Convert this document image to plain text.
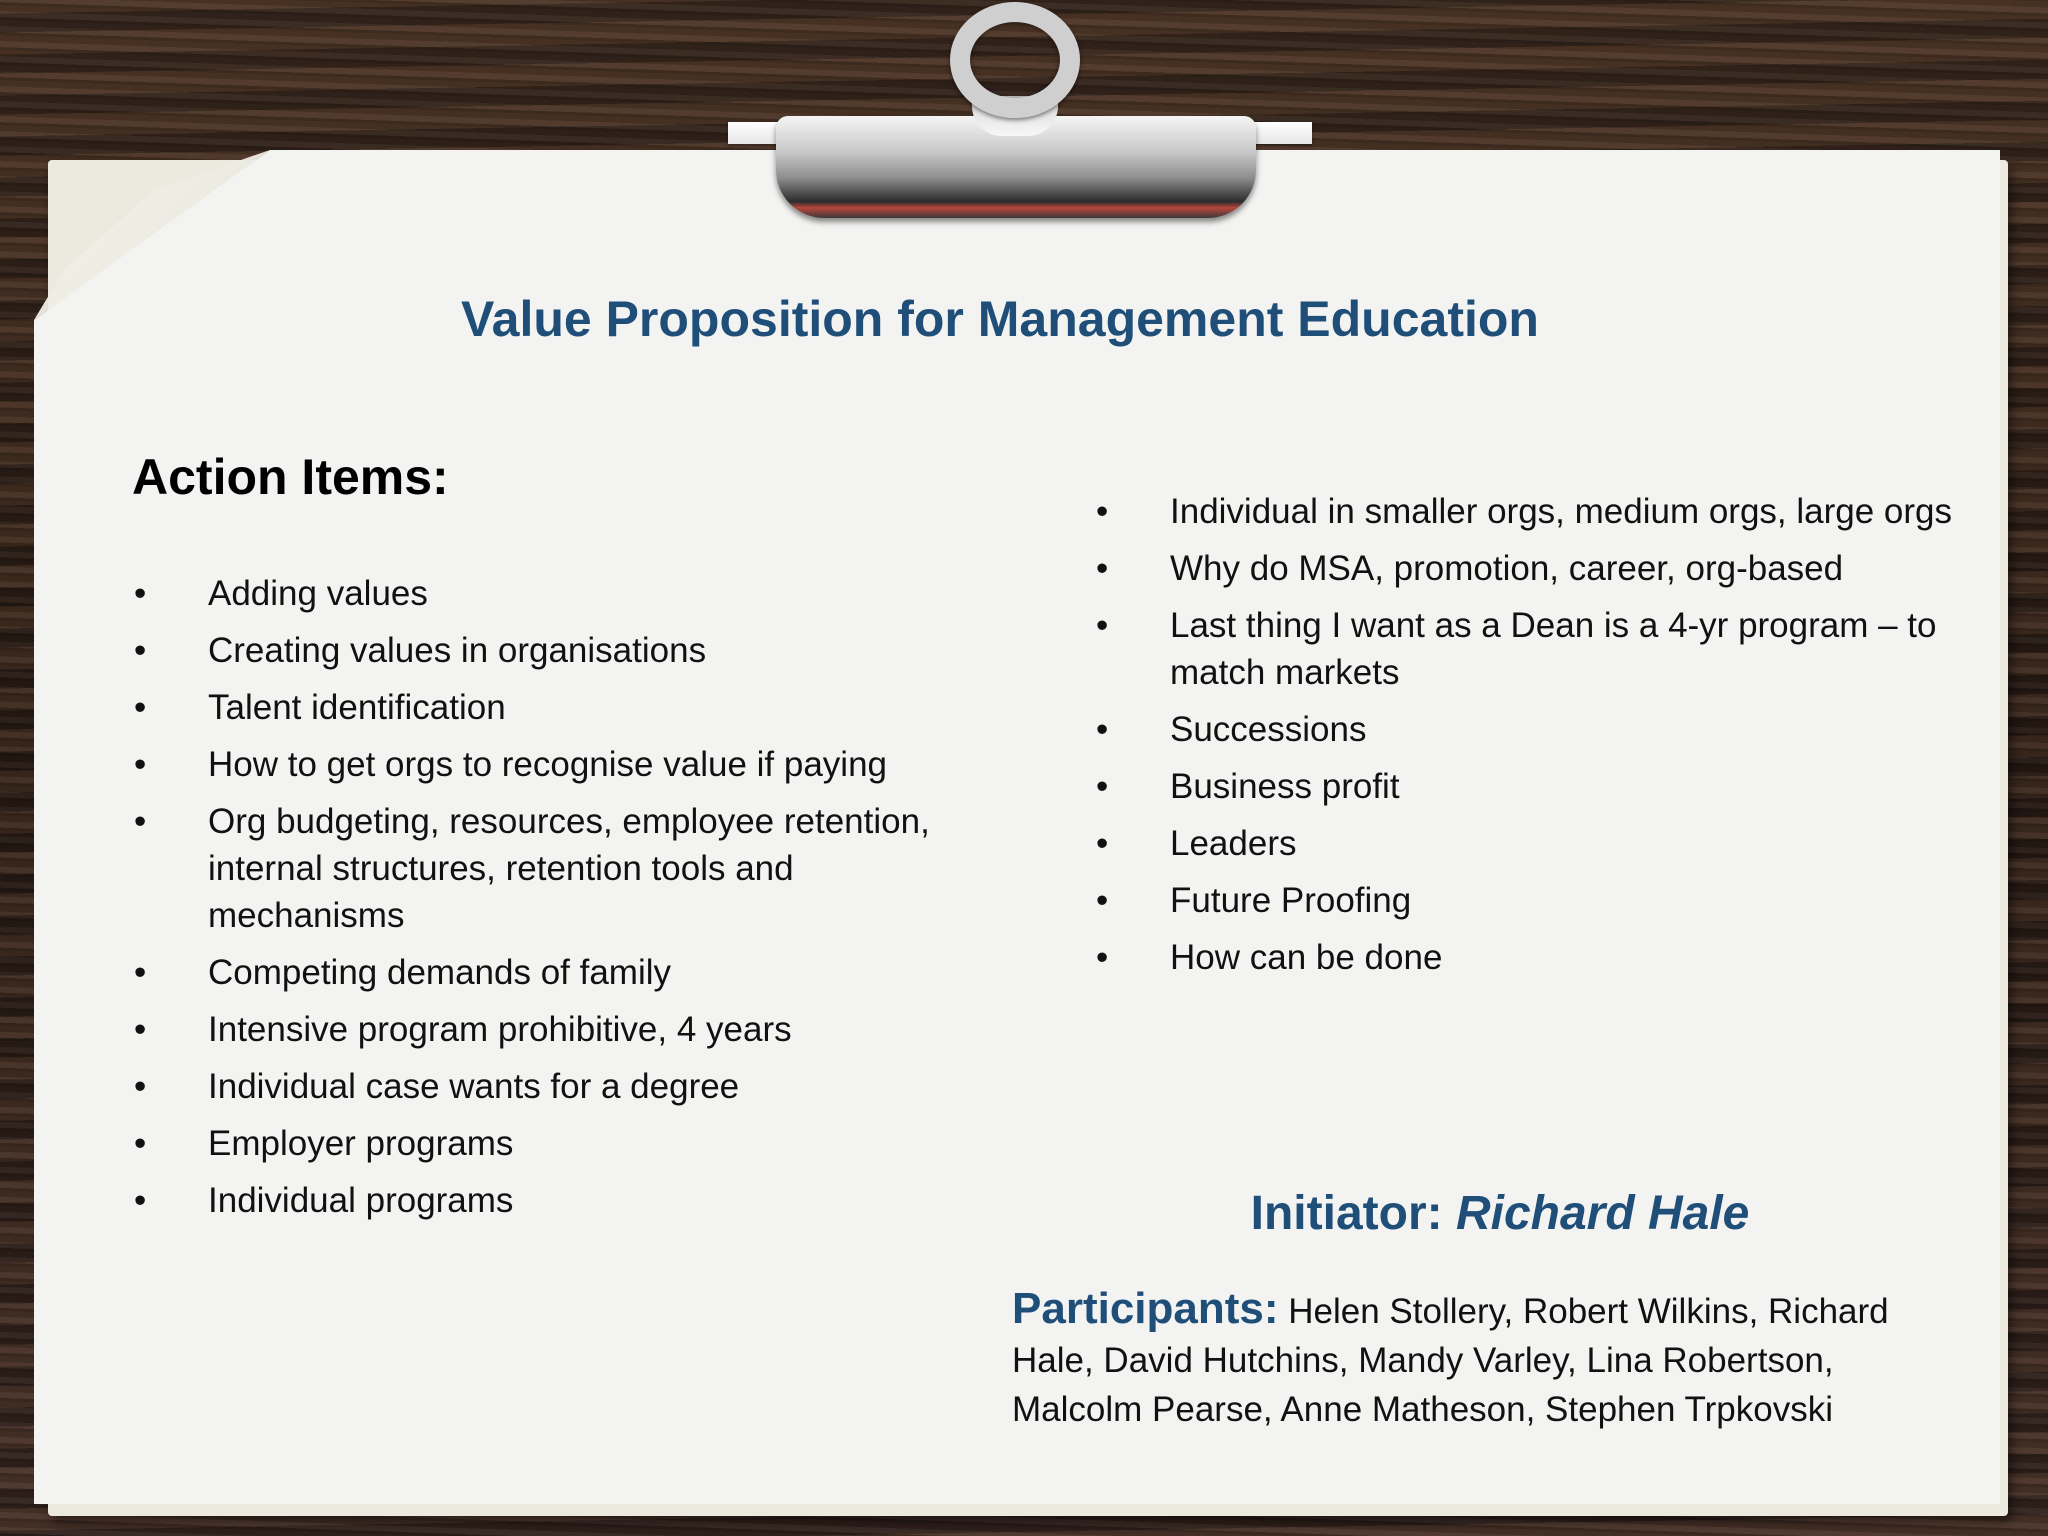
Value Proposition for Management Education
Action Items:
• Adding values
• Creating values in organisations
• Talent identification
• How to get orgs to recognise value if paying
• Org budgeting, resources, employee retention, internal structures, retention tools and mechanisms
• Competing demands of family
• Intensive program prohibitive, 4 years
• Individual case wants for a degree
• Employer programs
• Individual programs
• Individual in smaller orgs, medium orgs, large orgs
• Why do MSA, promotion, career, org-based
• Last thing I want as a Dean is a 4-yr program – to match markets
• Successions
• Business profit
• Leaders
• Future Proofing
• How can be done

Initiator: Richard Hale

Participants: Helen Stollery, Robert Wilkins, Richard Hale, David Hutchins, Mandy Varley, Lina Robertson, Malcolm Pearse, Anne Matheson, Stephen Trpkovski
